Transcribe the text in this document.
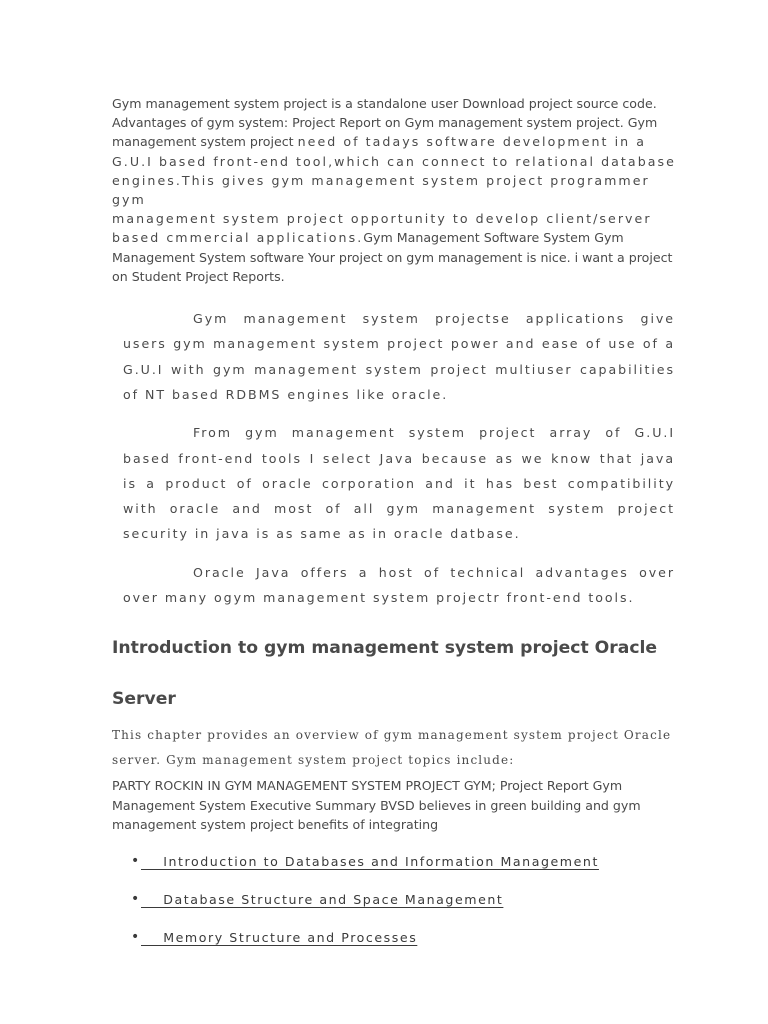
Gym management system project is a standalone user Download project source code.
Advantages of gym system: Project Report on Gym management system project. Gym
management system project need of tadays software development in a
G.U.I based front-end tool,which can connect to relational database
engines.This gives gym management system project programmer gym
management system project opportunity to develop client/server
based cmmercial applications.Gym Management Software System Gym
Management System software Your project on gym management is nice. i want a project
on Student Project Reports.

Gym management system projectse applications give users gym management system project power and ease of use of a G.U.I with gym management system project multiuser capabilities of NT based RDBMS engines like oracle.

From gym management system project array of G.U.I based front-end tools I select Java because as we know that java is a product of oracle corporation and it has best compatibility with oracle and most of all gym management system project security in java is as same as in oracle datbase.

Oracle Java offers a host of technical advantages over over many ogym management system projectr front-end tools.

Introduction to gym management system project Oracle
Server

This chapter provides an overview of gym management system project Oracle server. Gym management system project topics include:

PARTY ROCKIN IN GYM MANAGEMENT SYSTEM PROJECT GYM; Project Report Gym Management System Executive Summary BVSD believes in green building and gym management system project benefits of integrating

• Introduction to Databases and Information Management
• Database Structure and Space Management
• Memory Structure and Processes
